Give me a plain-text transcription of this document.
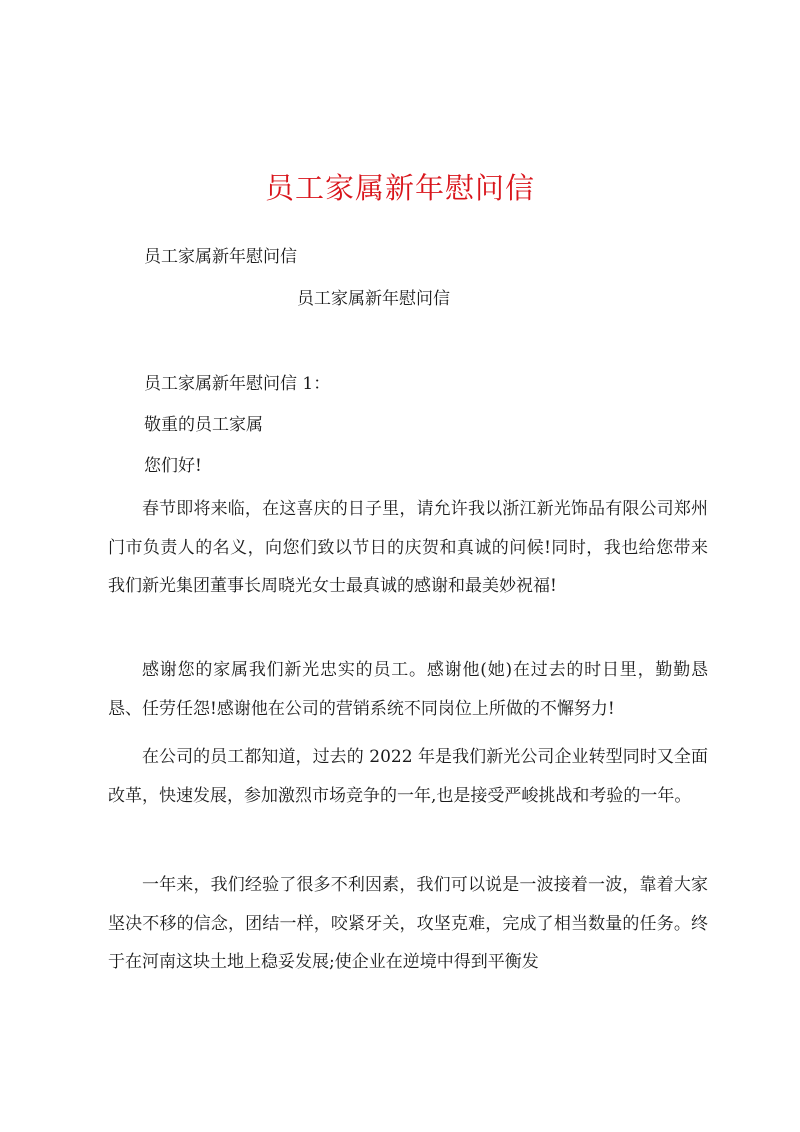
员工家属新年慰问信
员工家属新年慰问信
员工家属新年慰问信
员工家属新年慰问信 1：
敬重的员工家属
您们好!
春节即将来临，在这喜庆的日子里，请允许我以浙江新光饰品有限公司郑州门市负责人的名义，向您们致以节日的庆贺和真诚的问候!同时，我也给您带来我们新光集团董事长周晓光女士最真诚的感谢和最美妙祝福!
感谢您的家属我们新光忠实的员工。感谢他(她)在过去的时日里，勤勤恳恳、任劳任怨!感谢他在公司的营销系统不同岗位上所做的不懈努力!
在公司的员工都知道，过去的 2022 年是我们新光公司企业转型同时又全面改革，快速发展，参加激烈市场竞争的一年,也是接受严峻挑战和考验的一年。
一年来，我们经验了很多不利因素，我们可以说是一波接着一波，靠着大家坚决不移的信念，团结一样，咬紧牙关，攻坚克难，完成了相当数量的任务。终于在河南这块土地上稳妥发展;使企业在逆境中得到平衡发
